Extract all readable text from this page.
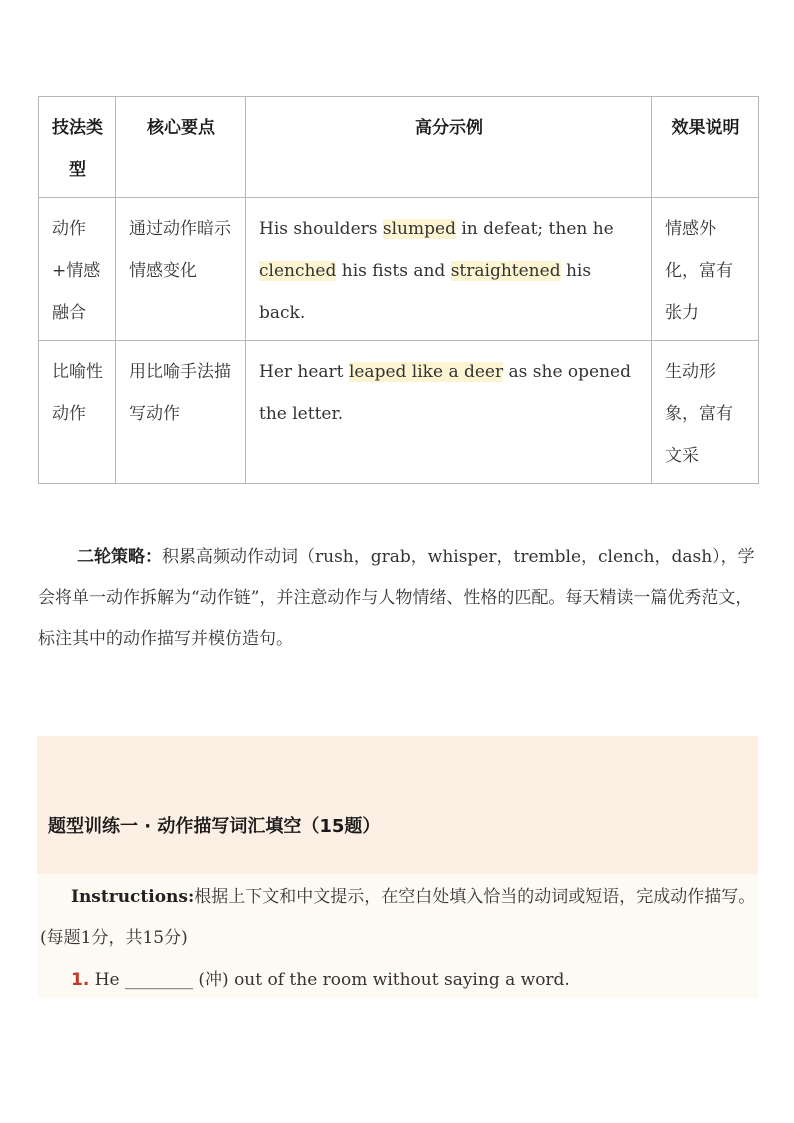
技法类型	核心要点	高分示例	效果说明
动作+情感融合	通过动作暗示情感变化	His shoulders slumped in defeat; then he clenched his fists and straightened his back.	情感外化，富有张力
比喻性动作	用比喻手法描写动作	Her heart leaped like a deer as she opened the letter.	生动形象，富有文采
二轮策略：积累高频动作动词（rush，grab，whisper，tremble，clench，dash），学会将单一动作拆解为“动作链”，并注意动作与人物情绪、性格的匹配。每天精读一篇优秀范文，标注其中的动作描写并模仿造句。
题型训练一 · 动作描写词汇填空（15题）
Instructions:根据上下文和中文提示，在空白处填入恰当的动词或短语，完成动作描写。(每题1分，共15分)
1. He ________ (冲) out of the room without saying a word.
